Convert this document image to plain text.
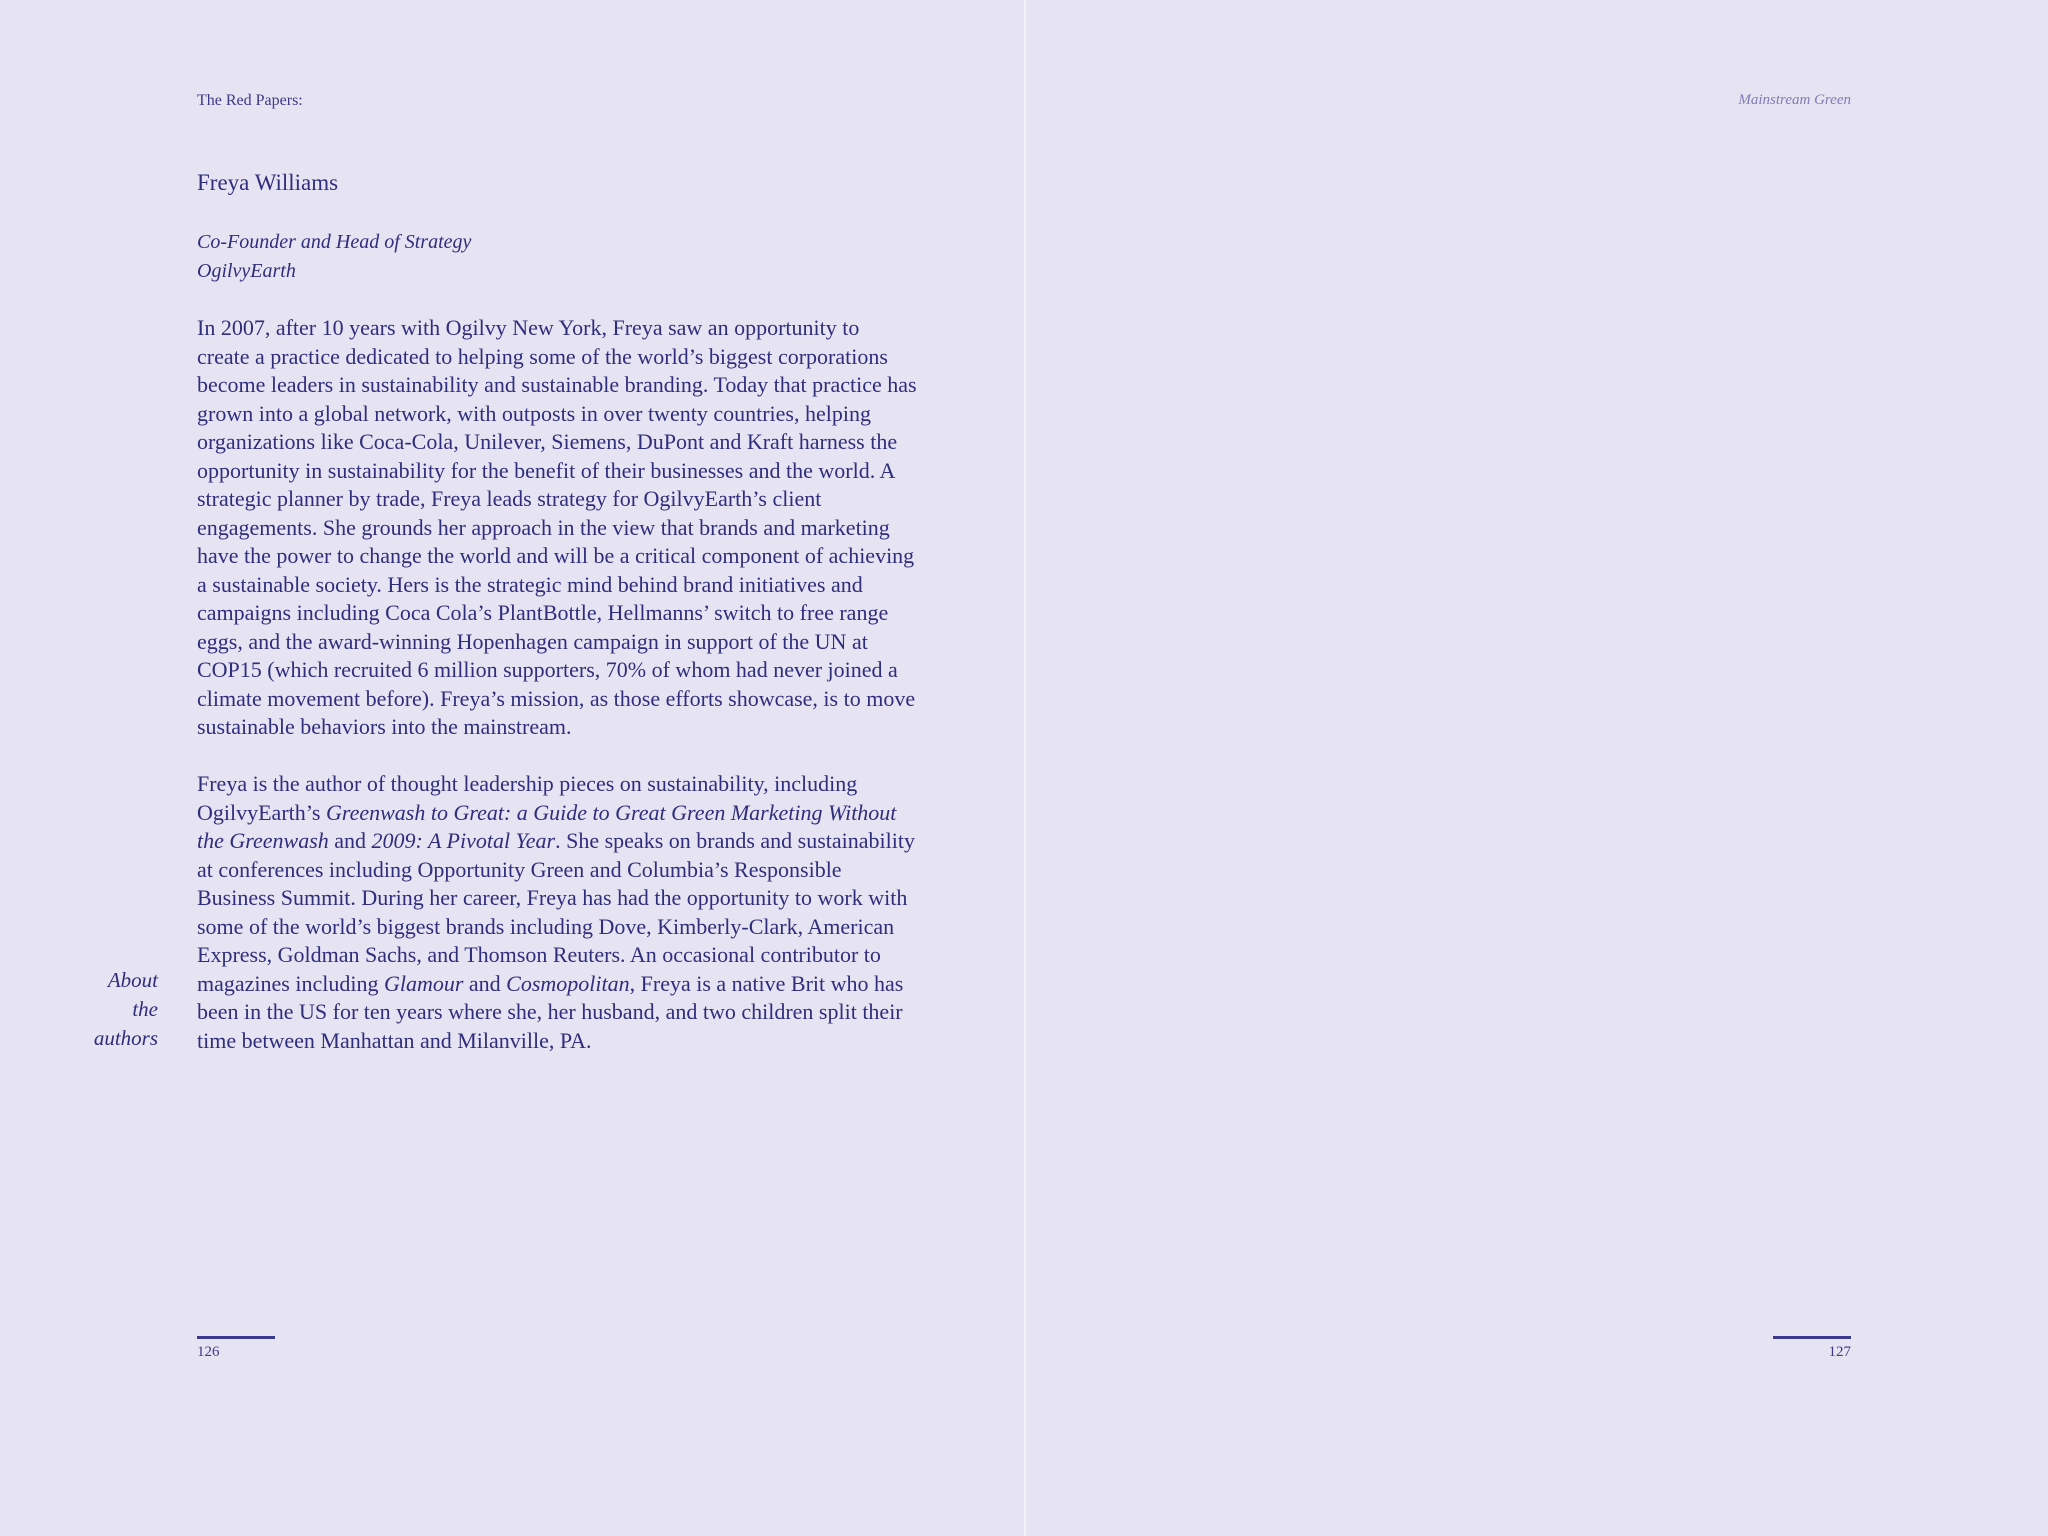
The Red Papers:
Freya Williams
Co-Founder and Head of Strategy
OgilvyEarth

In 2007, after 10 years with Ogilvy New York, Freya saw an opportunity to create a practice dedicated to helping some of the world’s biggest corporations become leaders in sustainability and sustainable branding. Today that practice has grown into a global network, with outposts in over twenty countries, helping organizations like Coca-Cola, Unilever, Siemens, DuPont and Kraft harness the opportunity in sustainability for the benefit of their businesses and the world. A strategic planner by trade, Freya leads strategy for OgilvyEarth’s client engagements. She grounds her approach in the view that brands and marketing have the power to change the world and will be a critical component of achieving a sustainable society. Hers is the strategic mind behind brand initiatives and campaigns including Coca Cola’s PlantBottle, Hellmanns’ switch to free range eggs, and the award-winning Hopenhagen campaign in support of the UN at COP15 (which recruited 6 million supporters, 70% of whom had never joined a climate movement before). Freya’s mission, as those efforts showcase, is to move sustainable behaviors into the mainstream.

Freya is the author of thought leadership pieces on sustainability, including OgilvyEarth’s Greenwash to Great: a Guide to Great Green Marketing Without the Greenwash and 2009: A Pivotal Year. She speaks on brands and sustainability at conferences including Opportunity Green and Columbia’s Responsible Business Summit. During her career, Freya has had the opportunity to work with some of the world’s biggest brands including Dove, Kimberly-Clark, American Express, Goldman Sachs, and Thomson Reuters. An occasional contributor to magazines including Glamour and Cosmopolitan, Freya is a native Brit who has been in the US for ten years where she, her husband, and two children split their time between Manhattan and Milanville, PA.

About
the
authors
126
Mainstream Green
127
